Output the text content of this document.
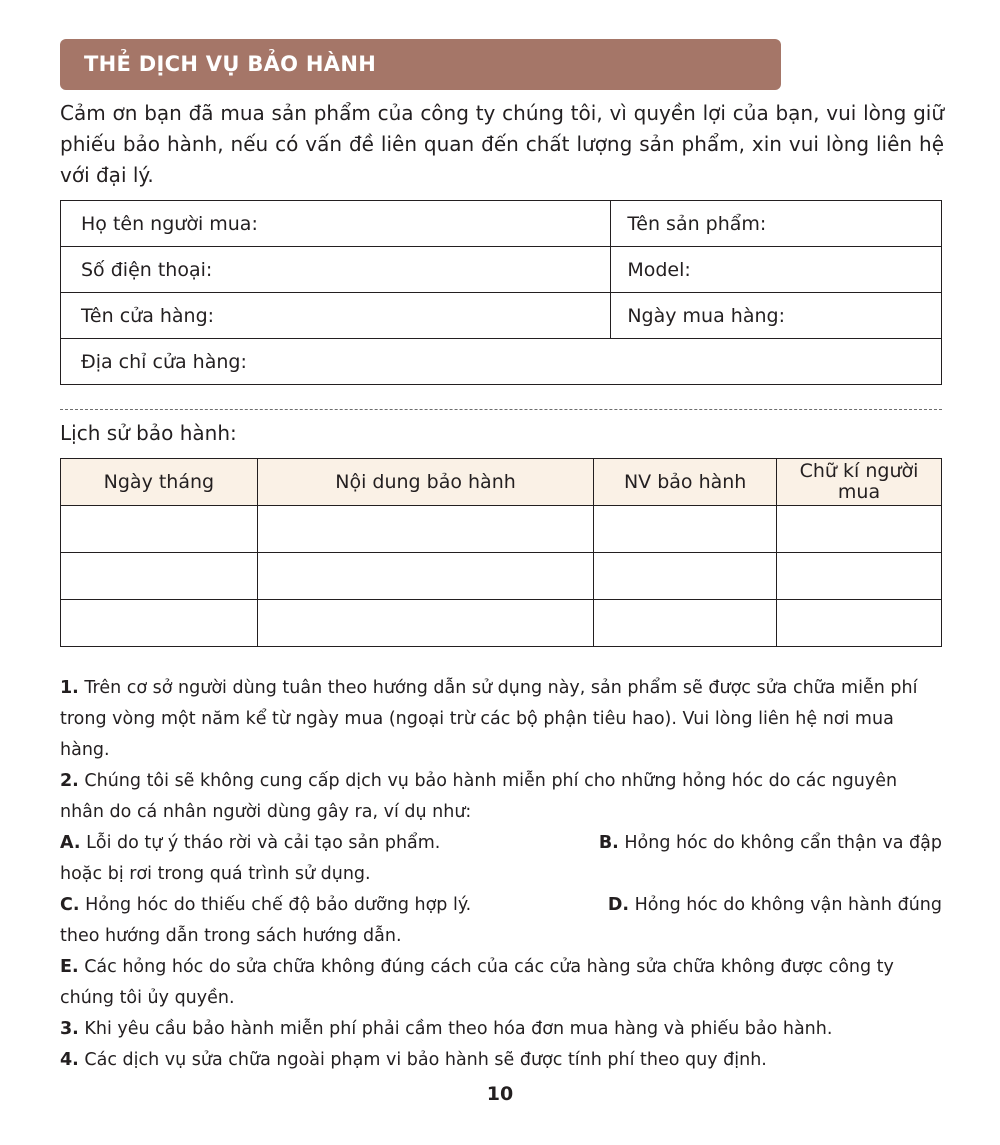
THẺ DỊCH VỤ BẢO HÀNH
Cảm ơn bạn đã mua sản phẩm của công ty chúng tôi, vì quyền lợi của bạn, vui lòng giữ phiếu bảo hành, nếu có vấn đề liên quan đến chất lượng sản phẩm, xin vui lòng liên hệ với đại lý.
Họ tên người mua:	Tên sản phẩm:
Số điện thoại:	Model:
Tên cửa hàng:	Ngày mua hàng:
Địa chỉ cửa hàng:	
Lịch sử bảo hành:
Ngày tháng	Nội dung bảo hành	NV bảo hành	Chữ kí người mua

1. Trên cơ sở người dùng tuân theo hướng dẫn sử dụng này, sản phẩm sẽ được sửa chữa miễn phí trong vòng một năm kể từ ngày mua (ngoại trừ các bộ phận tiêu hao). Vui lòng liên hệ nơi mua hàng.

2. Chúng tôi sẽ không cung cấp dịch vụ bảo hành miễn phí cho những hỏng hóc do các nguyên nhân do cá nhân người dùng gây ra, ví dụ như:

A. Lỗi do tự ý tháo rời và cải tạo sản phẩm.	B. Hỏng hóc do không cẩn thận va đập

hoặc bị rơi trong quá trình sử dụng.

C. Hỏng hóc do thiếu chế độ bảo dưỡng hợp lý.	D. Hỏng hóc do không vận hành đúng

theo hướng dẫn trong sách hướng dẫn.

E. Các hỏng hóc do sửa chữa không đúng cách của các cửa hàng sửa chữa không được công ty chúng tôi ủy quyền.

3. Khi yêu cầu bảo hành miễn phí phải cầm theo hóa đơn mua hàng và phiếu bảo hành.

4. Các dịch vụ sửa chữa ngoài phạm vi bảo hành sẽ được tính phí theo quy định.

10
